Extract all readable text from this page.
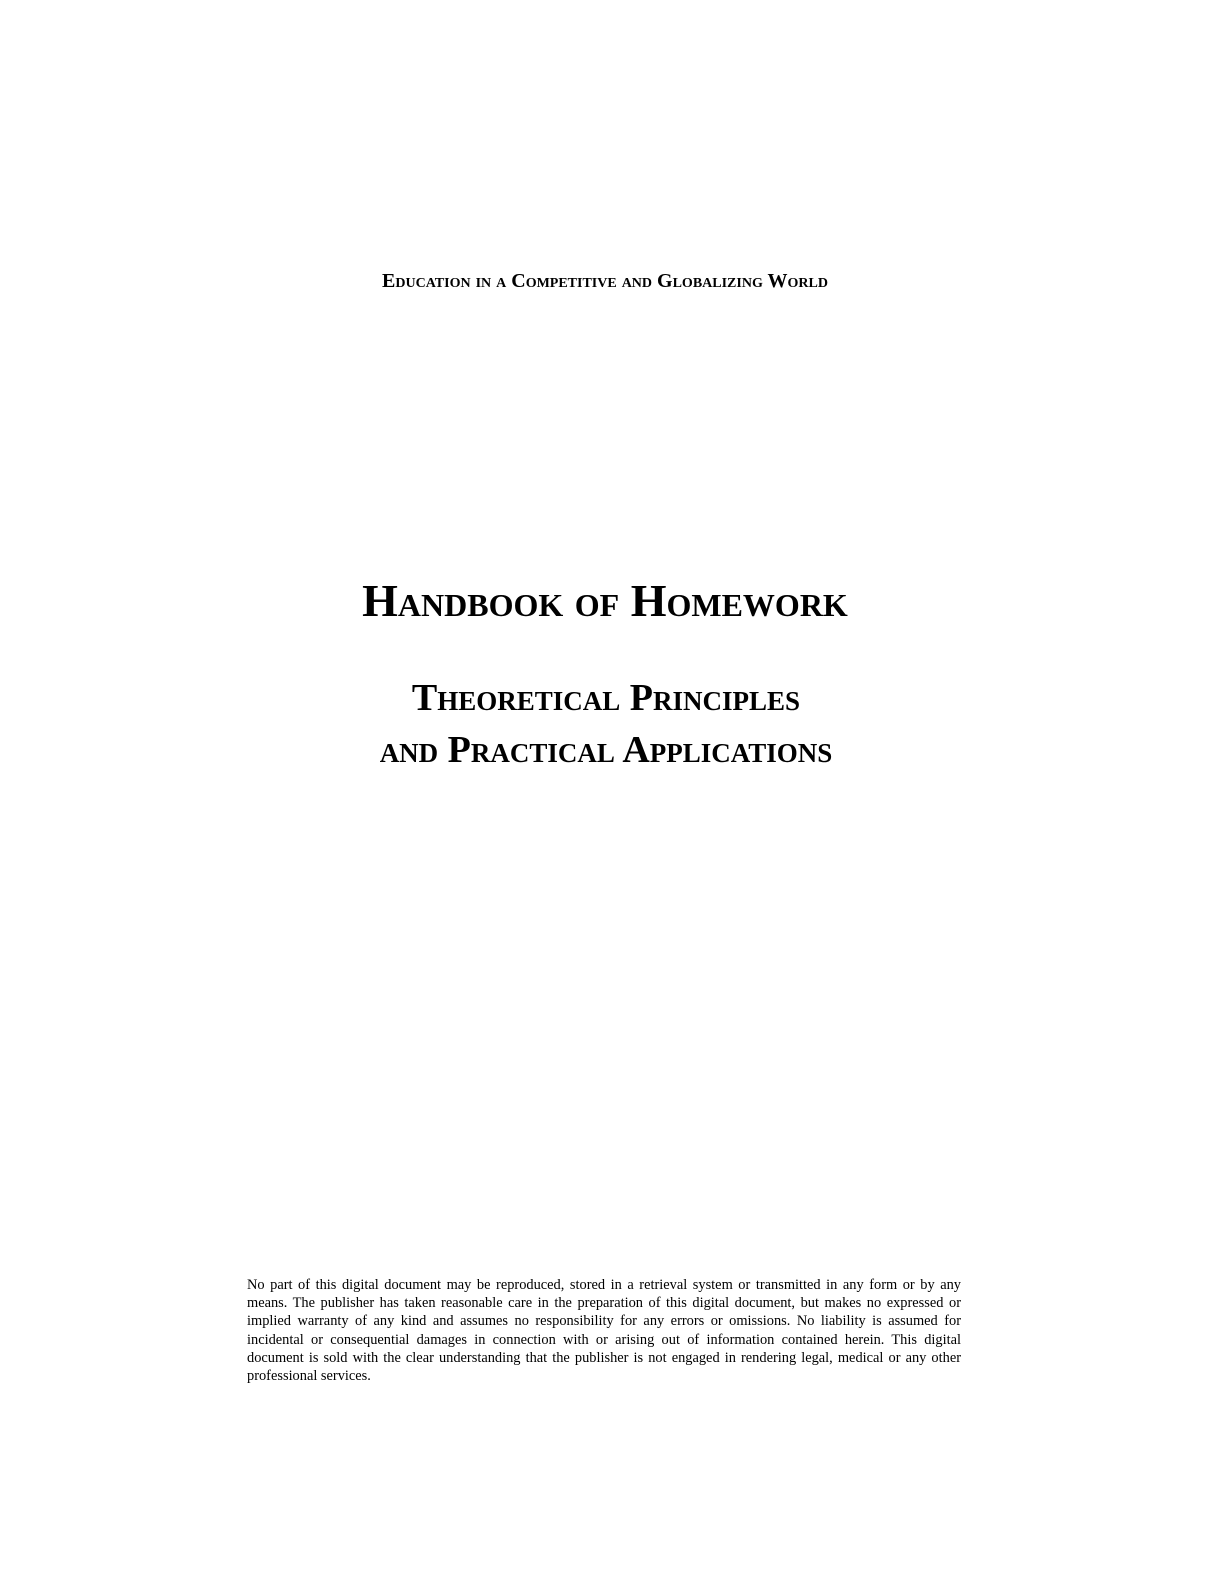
Education in a Competitive and Globalizing World

Handbook of Homework
Theoretical Principles
and Practical Applications

No part of this digital document may be reproduced, stored in a retrieval system or transmitted in any form or by any means. The publisher has taken reasonable care in the preparation of this digital document, but makes no expressed or implied warranty of any kind and assumes no responsibility for any errors or omissions. No liability is assumed for incidental or consequential damages in connection with or arising out of information contained herein. This digital document is sold with the clear understanding that the publisher is not engaged in rendering legal, medical or any other professional services.
